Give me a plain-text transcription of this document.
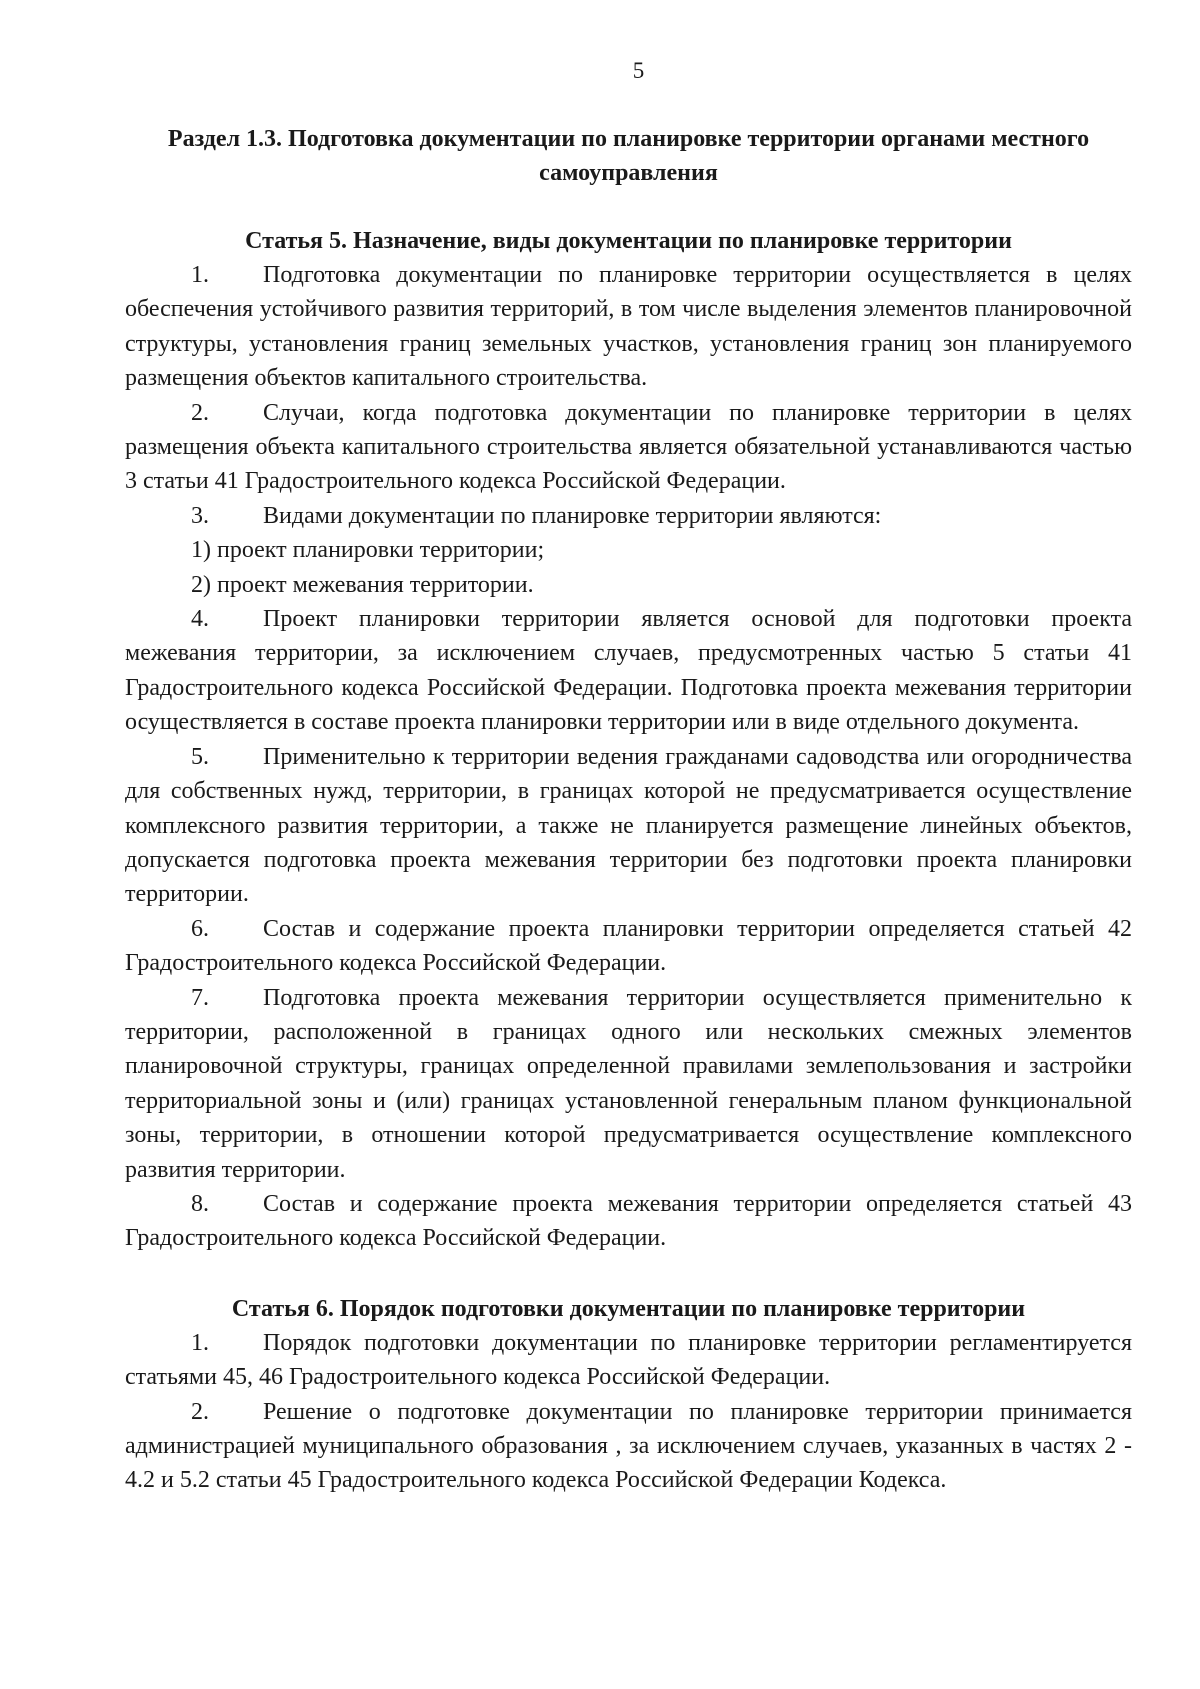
5
Раздел 1.3. Подготовка документации по планировке территории органами местного самоуправления
Статья 5. Назначение, виды документации по планировке территории

1. Подготовка документации по планировке территории осуществляется в целях обеспечения устойчивого развития территорий, в том числе выделения элементов планировочной структуры, установления границ земельных участков, установления границ зон планируемого размещения объектов капитального строительства.

2. Случаи, когда подготовка документации по планировке территории в целях размещения объекта капитального строительства является обязательной устанавливаются частью 3 статьи 41 Градостроительного кодекса Российской Федерации.

3. Видами документации по планировке территории являются:

1) проект планировки территории;

2) проект межевания территории.

4. Проект планировки территории является основой для подготовки проекта межевания территории, за исключением случаев, предусмотренных частью 5 статьи 41 Градостроительного кодекса Российской Федерации. Подготовка проекта межевания территории осуществляется в составе проекта планировки территории или в виде отдельного документа.

5. Применительно к территории ведения гражданами садоводства или огородничества для собственных нужд, территории, в границах которой не предусматривается осуществление комплексного развития территории, а также не планируется размещение линейных объектов, допускается подготовка проекта межевания территории без подготовки проекта планировки территории.

6. Состав и содержание проекта планировки территории определяется статьей 42 Градостроительного кодекса Российской Федерации.

7. Подготовка проекта межевания территории осуществляется применительно к территории, расположенной в границах одного или нескольких смежных элементов планировочной структуры, границах определенной правилами землепользования и застройки территориальной зоны и (или) границах установленной генеральным планом функциональной зоны, территории, в отношении которой предусматривается осуществление комплексного развития территории.

8. Состав и содержание проекта межевания территории определяется статьей 43 Градостроительного кодекса Российской Федерации.

Статья 6. Порядок подготовки документации по планировке территории

1. Порядок подготовки документации по планировке территории регламентируется статьями 45, 46 Градостроительного кодекса Российской Федерации.

2. Решение о подготовке документации по планировке территории принимается администрацией муниципального образования , за исключением случаев, указанных в частях 2 - 4.2 и 5.2 статьи 45 Градостроительного кодекса Российской Федерации Кодекса.
